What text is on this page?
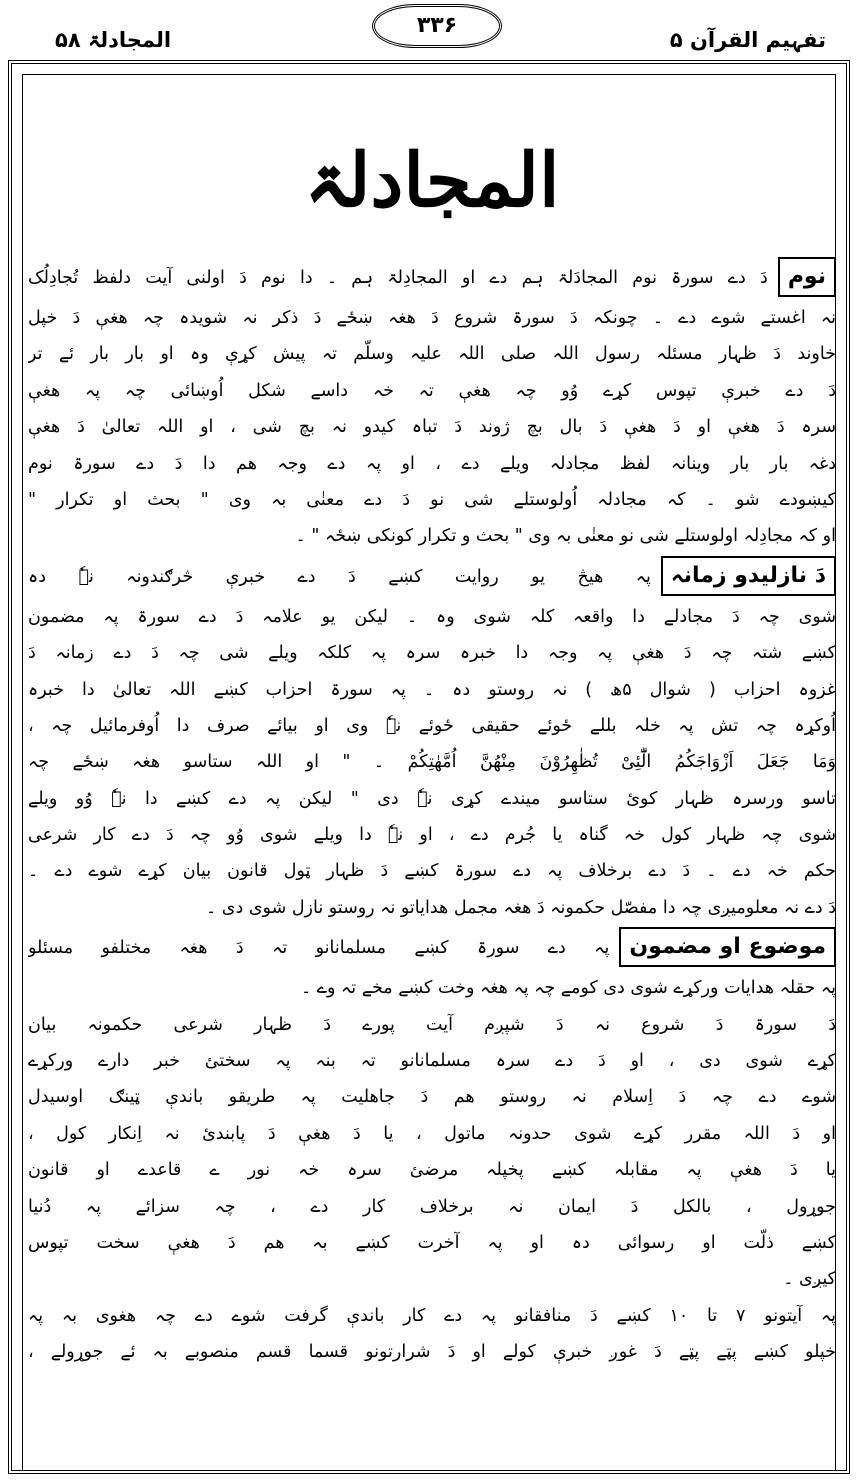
تفہیم القرآن ۵
۳۳۶
المجادلۃ ۵۸
المجادلۃ
نومدَ دے سورۃ نوم المجادَلۃ ہم دے او المجادِلۃ ہم ۔ دا نوم دَ اولنی آیت دلفظ تُجادِلُک
نہ اغستے شوے دے ۔ چونکہ دَ سورۃ شروع دَ ھغہ ښځے دَ ذکر نہ شویدہ چہ ھغې دَ خپل
خاوند دَ ظہار مسئلہ رسول اللہ صلی اللہ علیہ وسلّم تہ پیش کړې وہ او بار بار ئے تر
دَ دے خبرې تپوس کړے وُو چہ ھغې تہ خہ داسے شکل اُوښائی چہ پہ ھغې
سرہ دَ ھغې او دَ ھغې دَ بال بچ ژوند دَ تباہ کیدو نہ بچ شی ، او اللہ تعالیٰ دَ ھغې
دغہ بار بار وینانہ لفظ مجادلہ ویلے دے ، او پہ دے وجہ ھم دا دَ دے سورۃ نوم
کیښودے شو ۔ کہ مجادلہ اُولوستلے شی نو دَ دے معنٰی بہ وی " بحث او تکرار "
او کہ مجادِلہ اولوستلے شی نو معنٰی بہ وی " بحث و تکرار کونکی ښځہ " ۔
دَ نازلیدو زمانہپہ ھیڅ یو روایت کښے دَ دے خبرې څرګندونہ نہٗ دہ
شوی چہ دَ مجادلے دا واقعہ کلہ شوی وہ ۔ لیکن یو علامہ دَ دے سورۃ پہ مضمون
کښے شتہ چہ دَ ھغې پہ وجہ دا خبرہ سرہ پہ کلکہ ویلے شی چہ دَ دے زمانہ دَ
غزوہ احزاب ( شوال ۵ھ ) نہ روستو دہ ۔ پہ سورۃ احزاب کښے اللہ تعالیٰ دا خبرہ
اُوکړہ چہ تش پہ خلہ بللے ځوئے حقیقی ځوئے نہٗ وی او بیائے صرف دا اُوفرمائیل چہ ،
وَمَا جَعَلَ اَزْوَاجَكُمُ الّٰٓئِیْ تُظٰهِرُوْنَ مِنْهُنَّ اُمَّهٰتِكُمْ ۔ " او اللہ ستاسو ھغہ ښځے چہ
تاسو ورسرہ ظہار کوئ ستاسو میندے کړی نہٗ دی " لیکن پہ دے کښے دا نہٗ وُو ویلے
شوی چہ ظہار کول خہ گناہ یا جُرم دے ، او نہٗ دا ویلے شوی وُو چہ دَ دے کار شرعی
حکم خہ دے ۔ دَ دے برخلاف پہ دے سورۃ کښے دَ ظہار ټول قانون بیان کړے شوے دے ۔
دَ دے نہ معلومیږی چہ دا مفصّل حکمونہ دَ ھغہ مجمل ھدایاتو نہ روستو نازل شوی دی ۔
موضوع او مضمونپہ دے سورۃ کښے مسلمانانو تہ دَ ھغہ مختلفو مسئلو
پہ حقلہ ھدایات ورکړے شوی دی کومے چہ پہ ھغہ وخت کښے مخے تہ وے ۔
دَ سورۃ دَ شروع نہ دَ شپږم آیت پورے دَ ظہار شرعی حکمونہ بیان
کړے شوی دی ، او دَ دے سرہ مسلمانانو تہ بنہ پہ سختئ خبر دارے ورکړے
شوے دے چہ دَ اِسلام نہ روستو ھم دَ جاھلیت پہ طریقو باندې ټینګ اوسیدل
او دَ اللہ مقرر کړے شوی حدونہ ماتول ، یا دَ ھغې دَ پابندئ نہ اِنکار کول ،
یا دَ ھغې پہ مقابلہ کښے پخپلہ مرضئ سرہ خہ نور ے قاعدے او قانون
جوړول ، بالکل دَ ایمان نہ برخلاف کار دے ، چہ سزائے پہ دُنیا
کښے ذلّت او رسوائی دہ او پہ آخرت کښے بہ ھم دَ ھغې سخت تپوس
کیږی ۔
پہ آیتونو ۷ تا ۱۰ کښے دَ منافقانو پہ دے کار باندې گرفت شوے دے چہ ھغوی بہ پہ
خپلو کښے پټے پټے دَ غوږ خبرې کولے او دَ شرارتونو قسما قسم منصوبے بہ ئے جوړولے ،
